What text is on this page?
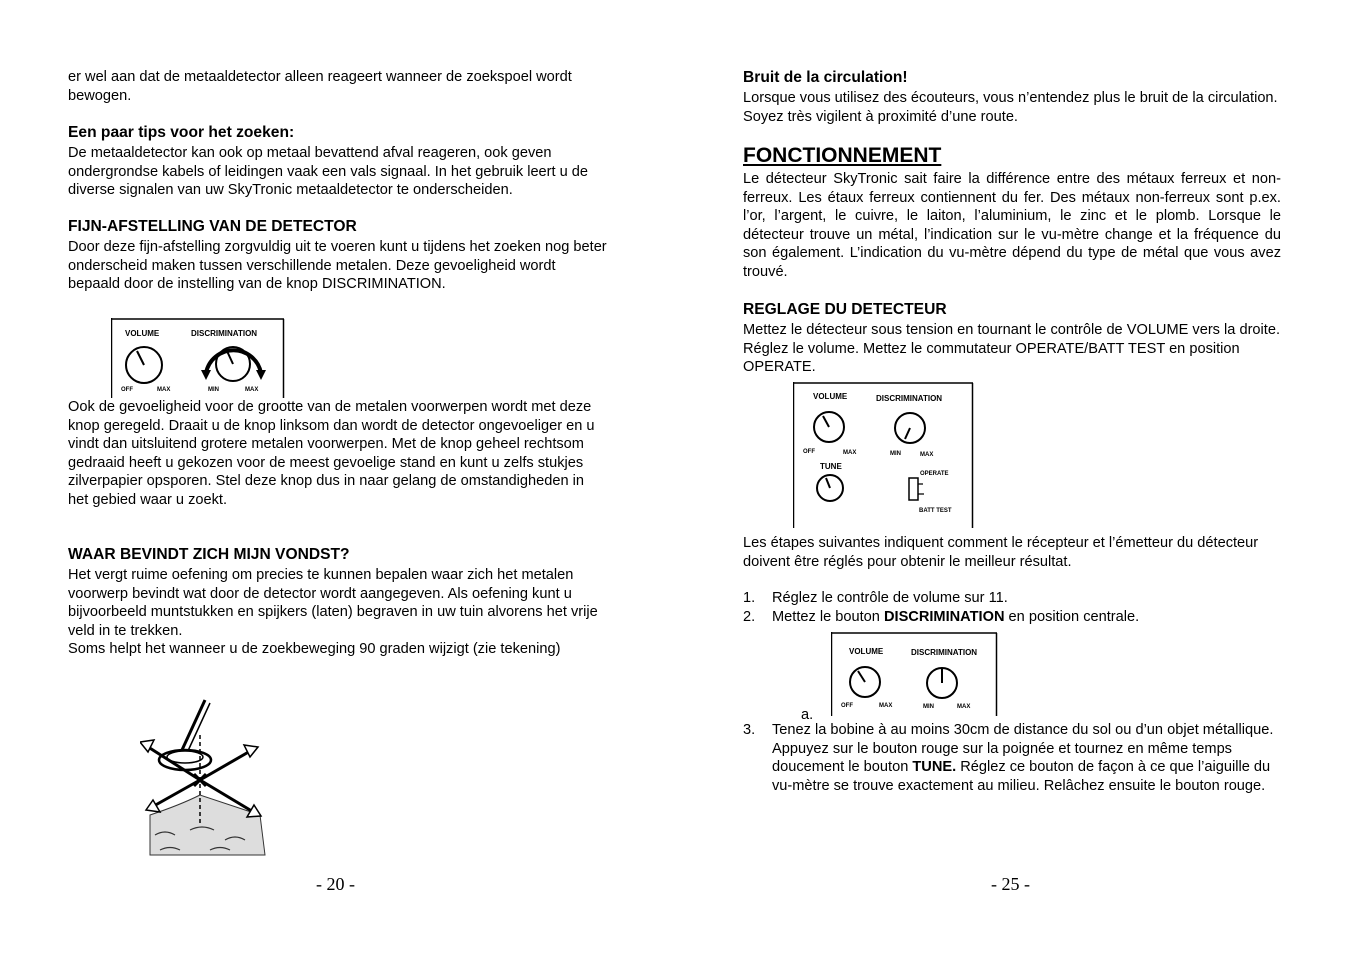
er wel aan dat de metaaldetector alleen reageert wanneer de zoekspoel wordt bewogen.

Een paar tips voor het zoeken:

De metaaldetector kan ook op metaal bevattend afval reageren, ook geven ondergrondse kabels of leidingen vaak een vals signaal. In het gebruik leert u de diverse signalen van uw SkyTronic metaaldetector te onderscheiden.

FIJN-AFSTELLING VAN DE DETECTOR

Door deze fijn-afstelling zorgvuldig uit te voeren kunt u tijdens het zoeken nog beter onderscheid maken tussen verschillende metalen. Deze gevoeligheid wordt bepaald door de instelling van de knop DISCRIMINATION.

VOLUME	DISCRIMINATION
OFF	MAX	MIN	MAX

Ook de gevoeligheid voor de grootte van de metalen voorwerpen wordt met deze knop geregeld. Draait u de knop linksom dan wordt de detector ongevoeliger en u vindt dan uitsluitend grotere metalen voorwerpen. Met de knop geheel rechtsom gedraaid heeft u gekozen voor de meest gevoelige stand en kunt u zelfs stukjes zilverpapier opsporen. Stel deze knop dus in naar gelang de omstandigheden in het gebied waar u zoekt.

WAAR BEVINDT ZICH MIJN VONDST?

Het vergt ruime oefening om precies te kunnen bepalen waar zich het metalen voorwerp bevindt wat door de detector wordt aangegeven. Als oefening kunt u bijvoorbeeld muntstukken en spijkers (laten) begraven in uw tuin alvorens het vrije veld in te trekken.

Soms helpt het wanneer u de zoekbeweging 90 graden wijzigt (zie tekening)

- 20 -

Bruit de la circulation!

Lorsque vous utilisez des écouteurs, vous n’entendez plus le bruit de la circulation. Soyez très vigilent à proximité d’une route.

FONCTIONNEMENT

Le détecteur SkyTronic sait faire la différence entre des métaux ferreux et non-ferreux. Les étaux ferreux contiennent du fer. Des métaux non-ferreux sont p.ex. l’or, l’argent, le cuivre, le laiton, l’aluminium, le zinc et le plomb. Lorsque le détecteur trouve un métal, l’indication sur le vu-mètre change et la fréquence du son également. L’indication du vu-mètre dépend du type de métal que vous avez trouvé.

REGLAGE DU DETECTEUR

Mettez le détecteur sous tension en tournant le contrôle de VOLUME vers la droite. Réglez le volume. Mettez le commutateur OPERATE/BATT TEST en position OPERATE.

VOLUME	DISCRIMINATION
OFF	MAX	MIN	MAX
TUNE
OPERATE
BATT TEST

Les étapes suivantes indiquent comment le récepteur et l’émetteur du détecteur doivent être réglés pour obtenir le meilleur résultat.

1. Réglez le contrôle de volume sur 11.
2. Mettez le bouton DISCRIMINATION en position centrale.
VOLUME	DISCRIMINATION
OFF	MAX	MIN	MAX
a.
3. Tenez la bobine à au moins 30cm de distance du sol ou d’un objet métallique. Appuyez sur le bouton rouge sur la poignée et tournez en même temps doucement le bouton TUNE. Réglez ce bouton de façon à ce que l’aiguille du vu-mètre se trouve exactement au milieu. Relâchez ensuite le bouton rouge.
- 25 -
